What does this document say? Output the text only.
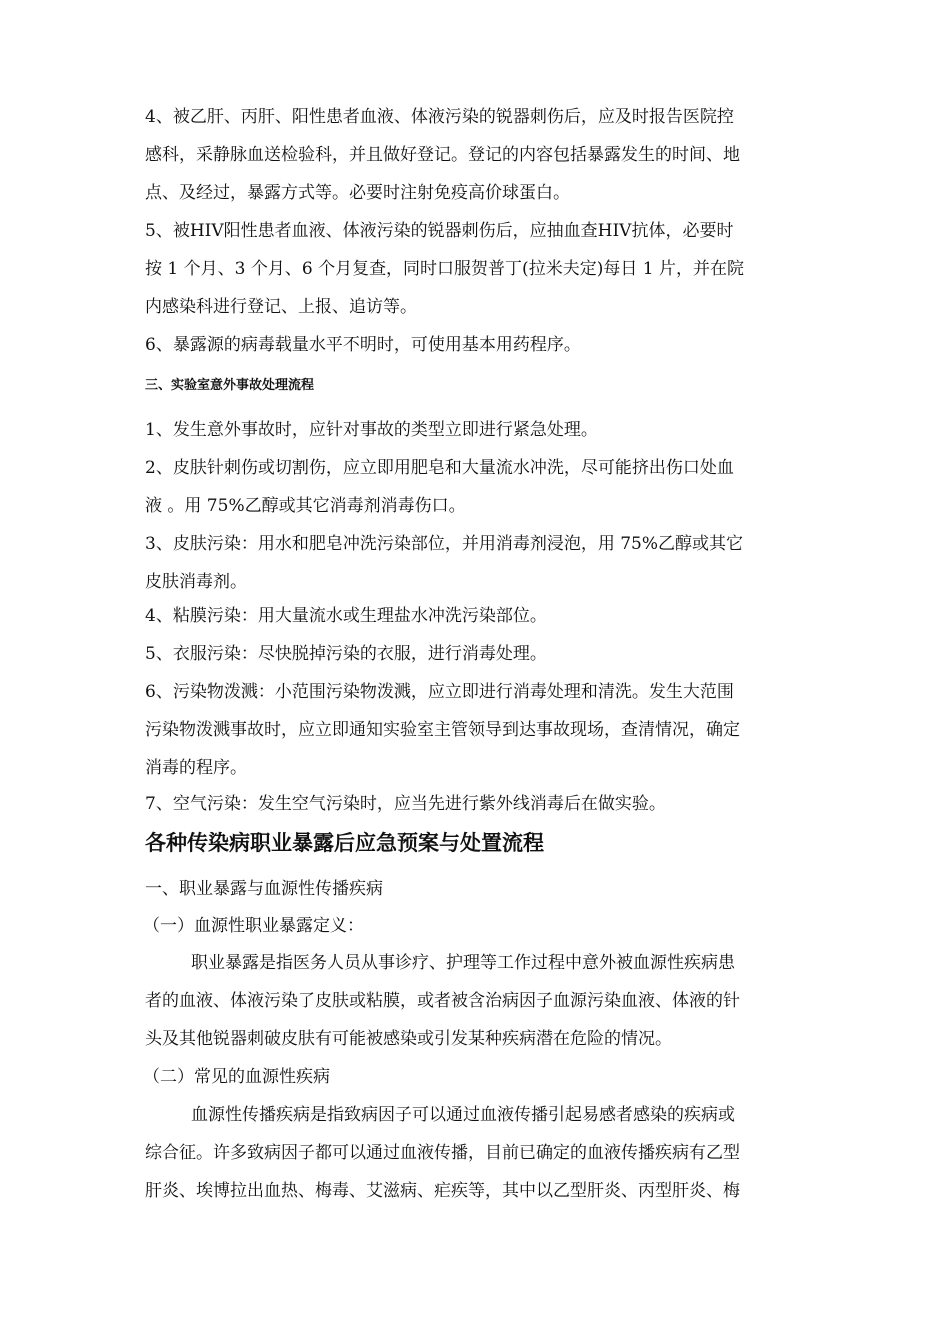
4、被乙肝、丙肝、阳性患者血液、体液污染的锐器刺伤后，应及时报告医院控
感科，采静脉血送检验科，并且做好登记。登记的内容包括暴露发生的时间、地
点、及经过，暴露方式等。必要时注射免疫高价球蛋白。
5、被HIV阳性患者血液、体液污染的锐器刺伤后，应抽血查HIV抗体，必要时
按 1 个月、3 个月、6 个月复查，同时口服贺普丁(拉米夫定)每日 1 片，并在院
内感染科进行登记、上报、追访等。
6、暴露源的病毒载量水平不明时，可使用基本用药程序。
三、实验室意外事故处理流程
1、发生意外事故时，应针对事故的类型立即进行紧急处理。
2、皮肤针刺伤或切割伤，应立即用肥皂和大量流水冲洗，尽可能挤出伤口处血
液 。用 75%乙醇或其它消毒剂消毒伤口。
3、皮肤污染：用水和肥皂冲洗污染部位，并用消毒剂浸泡，用 75%乙醇或其它
皮肤消毒剂。
4、粘膜污染：用大量流水或生理盐水冲洗污染部位。
5、衣服污染：尽快脱掉污染的衣服，进行消毒处理。
6、污染物泼溅：小范围污染物泼溅，应立即进行消毒处理和清洗。发生大范围
污染物泼溅事故时，应立即通知实验室主管领导到达事故现场，查清情况，确定
消毒的程序。
7、空气污染：发生空气污染时，应当先进行紫外线消毒后在做实验。
各种传染病职业暴露后应急预案与处置流程
一、职业暴露与血源性传播疾病
（一）血源性职业暴露定义：
职业暴露是指医务人员从事诊疗、护理等工作过程中意外被血源性疾病患
者的血液、体液污染了皮肤或粘膜，或者被含治病因子血源污染血液、体液的针
头及其他锐器刺破皮肤有可能被感染或引发某种疾病潜在危险的情况。
（二）常见的血源性疾病
血源性传播疾病是指致病因子可以通过血液传播引起易感者感染的疾病或
综合征。许多致病因子都可以通过血液传播，目前已确定的血液传播疾病有乙型
肝炎、埃博拉出血热、梅毒、艾滋病、疟疾等，其中以乙型肝炎、丙型肝炎、梅
